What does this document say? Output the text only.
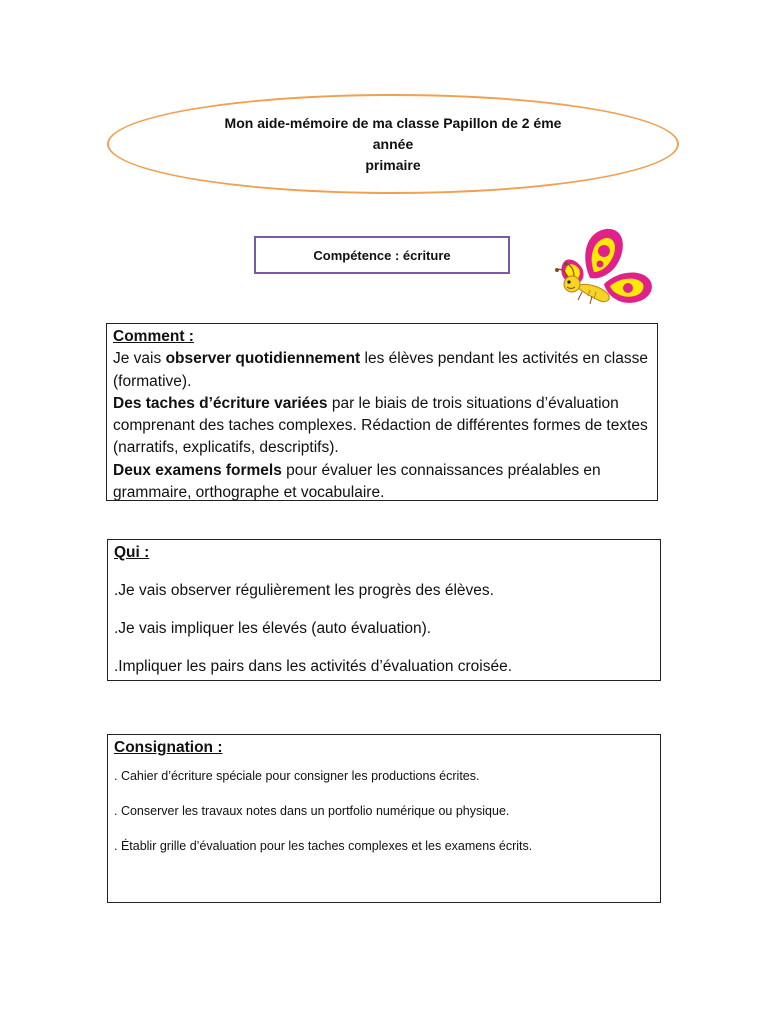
Mon aide-mémoire de ma classe Papillon de 2 éme année
primaire
Compétence : écriture
Comment :
Je vais observer quotidiennement les élèves pendant les activités en classe (formative).
Des taches d’écriture variées par le biais de trois situations d’évaluation comprenant des taches complexes. Rédaction de différentes formes de textes (narratifs, explicatifs, descriptifs).
Deux examens formels pour évaluer les connaissances préalables en grammaire, orthographe et vocabulaire.
Qui :
.Je vais observer régulièrement les progrès des élèves.
.Je vais impliquer les élevés (auto évaluation).
.Impliquer les pairs dans les activités d’évaluation croisée.
Consignation :
. Cahier d’écriture spéciale pour consigner les productions écrites.
. Conserver les travaux notes dans un portfolio numérique ou physique.
. Établir grille d’évaluation pour les taches complexes et les examens écrits.
